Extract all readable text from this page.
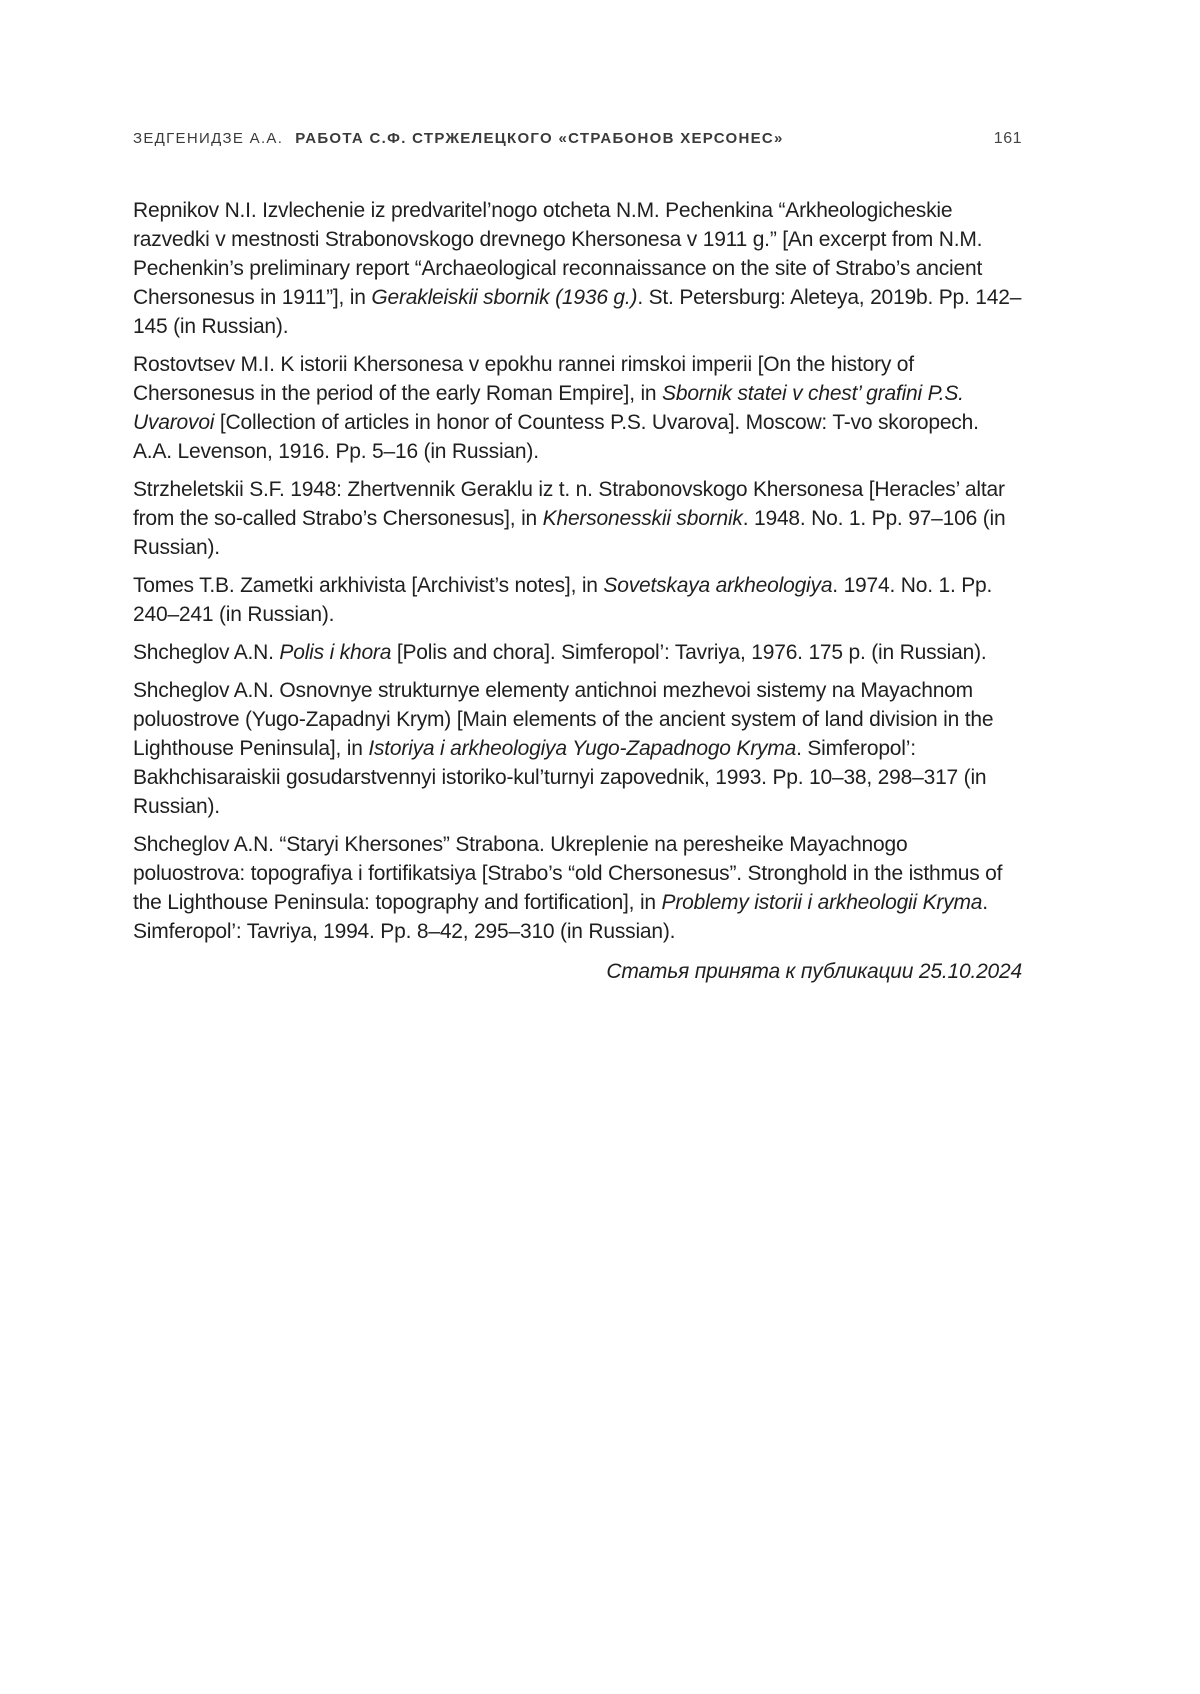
ЗЕДГЕНИДЗЕ А.А. РАБОТА С.Ф. СТРЖЕЛЕЦКОГО «СТРАБОНОВ ХЕРСОНЕС»	161

Repnikov N.I. Izvlechenie iz predvaritel’nogo otcheta N.M. Pechenkina “Arkheologicheskie razvedki v mestnosti Strabonovskogo drevnego Khersonesa v 1911 g.” [An excerpt from N.M. Pechenkin’s preliminary report “Archaeological reconnaissance on the site of Strabo’s ancient Chersonesus in 1911”], in Gerakleiskii sbornik (1936 g.). St. Petersburg: Aleteya, 2019b. Pp. 142–145 (in Russian).

Rostovtsev M.I. K istorii Khersonesa v epokhu rannei rimskoi imperii [On the history of Chersonesus in the period of the early Roman Empire], in Sbornik statei v chest’ grafini P.S. Uvarovoi [Collection of articles in honor of Countess P.S. Uvarova]. Moscow: T-vo skoropech. A.A. Levenson, 1916. Pp. 5–16 (in Russian).

Strzheletskii S.F. 1948: Zhertvennik Geraklu iz t. n. Strabonovskogo Khersonesa [Heracles’ altar from the so-called Strabo’s Chersonesus], in Khersonesskii sbornik. 1948. No. 1. Pp. 97–106 (in Russian).

Tomes T.B. Zametki arkhivista [Archivist’s notes], in Sovetskaya arkheologiya. 1974. No. 1. Pp. 240–241 (in Russian).

Shcheglov A.N. Polis i khora [Polis and chora]. Simferopol’: Tavriya, 1976. 175 p. (in Russian).

Shcheglov A.N. Osnovnye strukturnye elementy antichnoi mezhevoi sistemy na Mayachnom poluostrove (Yugo-Zapadnyi Krym) [Main elements of the ancient system of land division in the Lighthouse Peninsula], in Istoriya i arkheologiya Yugo-Zapadnogo Kryma. Simferopol’: Bakhchisaraiskii gosudarstvennyi istoriko-kul’turnyi zapovednik, 1993. Pp. 10–38, 298–317 (in Russian).

Shcheglov A.N. “Staryi Khersones” Strabona. Ukreplenie na peresheike Mayachnogo poluostrova: topografiya i fortifikatsiya [Strabo’s “old Chersonesus”. Stronghold in the isthmus of the Lighthouse Peninsula: topography and fortification], in Problemy istorii i arkheologii Kryma. Simferopol’: Tavriya, 1994. Pp. 8–42, 295–310 (in Russian).

Статья принята к публикации 25.10.2024
